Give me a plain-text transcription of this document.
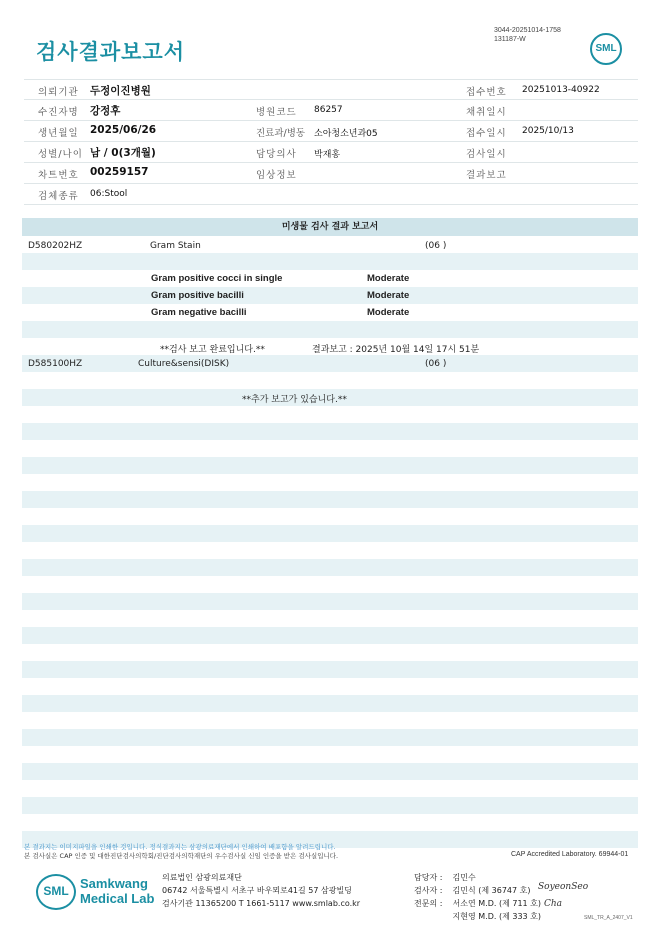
3044-20251014-1758
131187-W
검사결과보고서	SML
의뢰기관 두정이진병원	접수번호 20251013-40922
수진자명 강정후	병원코드 86257	채취일시
생년월일 2025/06/26	진료과/병동 소아청소년과05	접수일시 2025/10/13
성별/나이 남 / 0(3개월)	담당의사 박재홍	검사일시
차트번호 00259157	임상정보	결과보고
검체종류 06:Stool
미생물 검사 결과 보고서
D580202HZ	Gram Stain	(06 )
Gram positive cocci in single	Moderate
Gram positive bacilli	Moderate
Gram negative bacilli	Moderate
**검사 보고 완료입니다.**	결과보고 : 2025년 10월 14일 17시 51분
D585100HZ	Culture&sensi(DISK)	(06 )
**추가 보고가 있습니다.**
본 결과지는 이미지파일을 인쇄한 것입니다. 정식결과지는 삼광의료재단에서 인쇄하여 배포함을 알려드립니다.
본 검사실은 CAP 인증 및 대한진단검사의학회/진단검사의학재단의 우수검사실 신임 인증을 받은 검사실입니다.	CAP Accredited Laboratory. 69944-01
SML Samkwang
Medical Lab
의료법인 삼광의료재단
06742 서울특별시 서초구 바우뫼로41길 57 삼광빌딩
검사기관 11365200 T 1661-5117 www.smlab.co.kr
담당자 : 김민수
검사자 : 김민식 (제 36747 호)
전문의 : 서소연 M.D. (제 711 호)
지현영 M.D. (제 333 호)
SoyeonSeo
Cha
SML_TR_A_2407_V1
